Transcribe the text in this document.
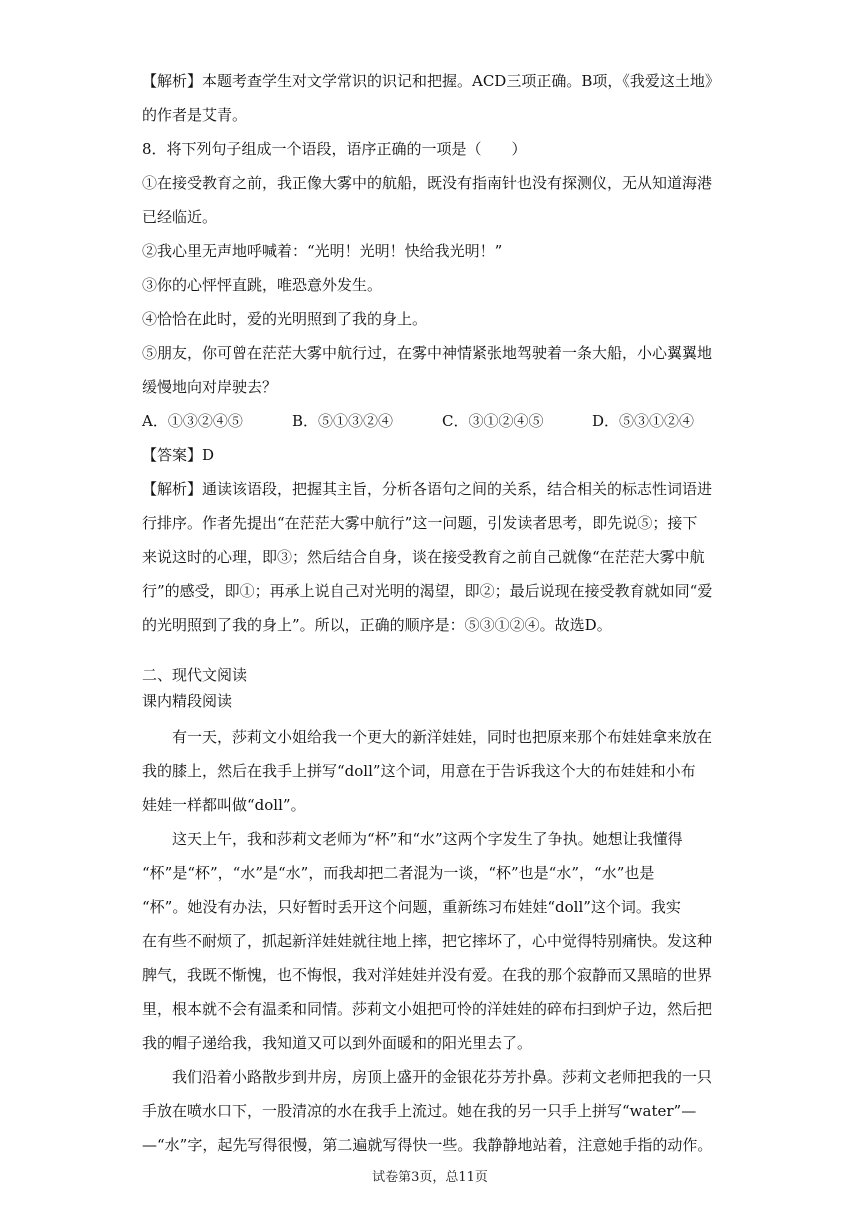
【解析】本题考查学生对文学常识的识记和把握。ACD三项正确。B项，《我爱这土地》
的作者是艾青。
8．将下列句子组成一个语段，语序正确的一项是（　　）
①在接受教育之前，我正像大雾中的航船，既没有指南针也没有探测仪，无从知道海港
已经临近。
②我心里无声地呼喊着：“光明！光明！快给我光明！”
③你的心怦怦直跳，唯恐意外发生。
④恰恰在此时，爱的光明照到了我的身上。
⑤朋友，你可曾在茫茫大雾中航行过，在雾中神情紧张地驾驶着一条大船，小心翼翼地
缓慢地向对岸驶去？
A．①③②④⑤	B．⑤①③②④	C．③①②④⑤	D．⑤③①②④
【答案】D
【解析】通读该语段，把握其主旨，分析各语句之间的关系，结合相关的标志性词语进
行排序。作者先提出“在茫茫大雾中航行”这一问题，引发读者思考，即先说⑤；接下
来说这时的心理，即③；然后结合自身，谈在接受教育之前自己就像“在茫茫大雾中航
行”的感受，即①；再承上说自己对光明的渴望，即②；最后说现在接受教育就如同“爱
的光明照到了我的身上”。所以，正确的顺序是：⑤③①②④。故选D。
二、现代文阅读
课内精段阅读
有一天，莎莉文小姐给我一个更大的新洋娃娃，同时也把原来那个布娃娃拿来放在
我的膝上，然后在我手上拼写“doll”这个词，用意在于告诉我这个大的布娃娃和小布
娃娃一样都叫做“doll”。
这天上午，我和莎莉文老师为“杯”和“水”这两个字发生了争执。她想让我懂得
“杯”是“杯”，“水”是“水”，而我却把二者混为一谈，“杯”也是“水”，“水”也是
“杯”。她没有办法，只好暂时丢开这个问题，重新练习布娃娃“doll”这个词。我实
在有些不耐烦了，抓起新洋娃娃就往地上摔，把它摔坏了，心中觉得特别痛快。发这种
脾气，我既不惭愧，也不悔恨，我对洋娃娃并没有爱。在我的那个寂静而又黑暗的世界
里，根本就不会有温柔和同情。莎莉文小姐把可怜的洋娃娃的碎布扫到炉子边，然后把
我的帽子递给我，我知道又可以到外面暖和的阳光里去了。
我们沿着小路散步到井房，房顶上盛开的金银花芬芳扑鼻。莎莉文老师把我的一只
手放在喷水口下，一股清凉的水在我手上流过。她在我的另一只手上拼写“water”—
—“水”字，起先写得很慢，第二遍就写得快一些。我静静地站着，注意她手指的动作。
试卷第3页，总11页
